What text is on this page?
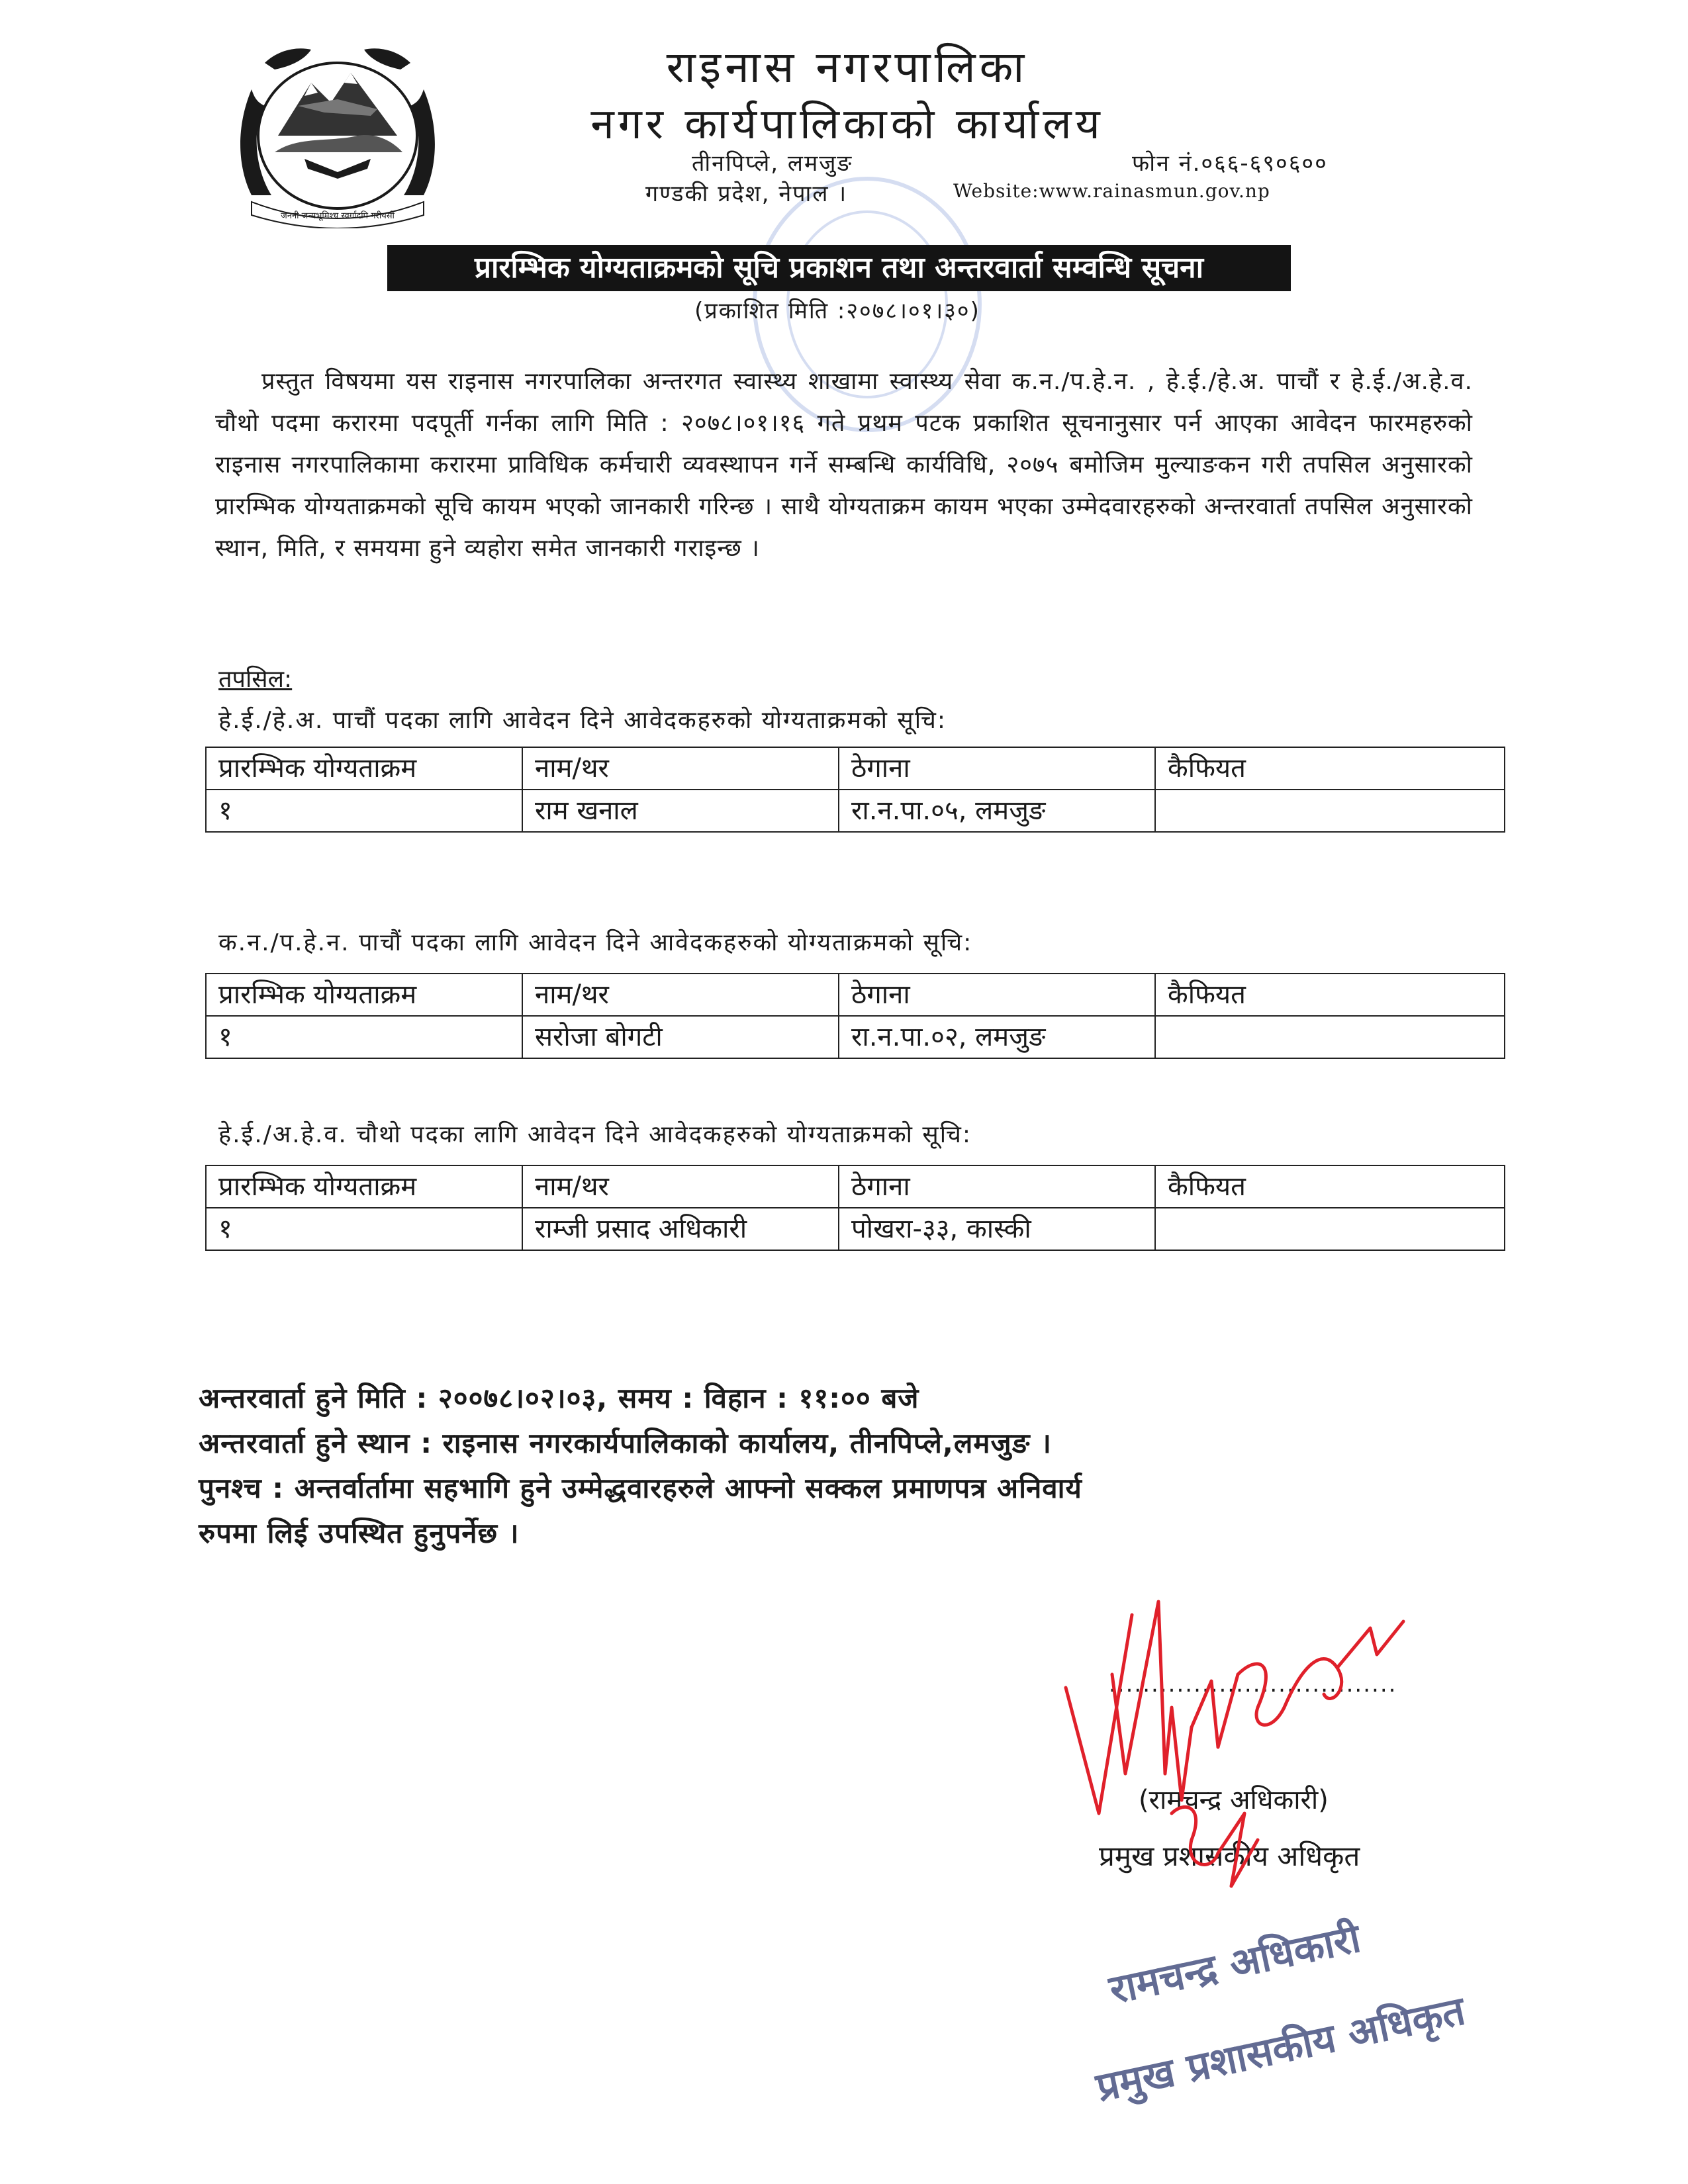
जननी जन्मभूमिश्च स्वर्गादपि गरीयसी
राइनास नगरपालिका
नगर कार्यपालिकाको कार्यालय
तीनपिप्ले, लमजुङ	फोन नं.०६६-६९०६००
गण्डकी प्रदेश, नेपाल ।	Website:www.rainasmun.gov.np
प्रारम्भिक योग्यताक्रमको सूचि प्रकाशन तथा अन्तरवार्ता सम्वन्धि सूचना
(प्रकाशित मिति :२०७८।०१।३०)
प्रस्तुत विषयमा यस राइनास नगरपालिका अन्तरगत स्वास्थ्य शाखामा स्वास्थ्य सेवा क.न./प.हे.न. , हे.ई./हे.अ. पाचौं र हे.ई./अ.हे.व. चौथो पदमा करारमा पदपूर्ती गर्नका लागि मिति : २०७८।०१।१६ गते प्रथम पटक प्रकाशित सूचनानुसार पर्न आएका आवेदन फारमहरुको राइनास नगरपालिकामा करारमा प्राविधिक कर्मचारी व्यवस्थापन गर्ने सम्बन्धि कार्यविधि, २०७५ बमोजिम मुल्याङकन गरी तपसिल अनुसारको प्रारम्भिक योग्यताक्रमको सूचि कायम भएको जानकारी गरिन्छ । साथै योग्यताक्रम कायम भएका उम्मेदवारहरुको अन्तरवार्ता तपसिल अनुसारको स्थान, मिति, र समयमा हुने व्यहोरा समेत जानकारी गराइन्छ ।
तपसिल:
हे.ई./हे.अ. पाचौं पदका लागि आवेदन दिने आवेदकहरुको योग्यताक्रमको सूचि:
प्रारम्भिक योग्यताक्रम	नाम/थर	ठेगाना	कैफियत
१	राम खनाल	रा.न.पा.०५, लमजुङ	
क.न./प.हे.न. पाचौं पदका लागि आवेदन दिने आवेदकहरुको योग्यताक्रमको सूचि:
प्रारम्भिक योग्यताक्रम	नाम/थर	ठेगाना	कैफियत
१	सरोजा बोगटी	रा.न.पा.०२, लमजुङ	
हे.ई./अ.हे.व. चौथो पदका लागि आवेदन दिने आवेदकहरुको योग्यताक्रमको सूचि:
प्रारम्भिक योग्यताक्रम	नाम/थर	ठेगाना	कैफियत
१	राम्जी प्रसाद अधिकारी	पोखरा-३३, कास्की	
अन्तरवार्ता हुने मिति : २००७८।०२।०३, समय : विहान : ११:०० बजे
अन्तरवार्ता हुने स्थान : राइनास नगरकार्यपालिकाको कार्यालय, तीनपिप्ले,लमजुङ ।
पुनश्च : अन्तर्वार्तामा सहभागि हुने उम्मेद्धवारहरुले आफ्नो सक्कल प्रमाणपत्र अनिवार्य
रुपमा लिई उपस्थित हुनुपर्नेछ ।
..................................
(रामचन्द्र अधिकारी)
प्रमुख प्रशासकीय अधिकृत
रामचन्द्र अधिकारी
प्रमुख प्रशासकीय अधिकृत
